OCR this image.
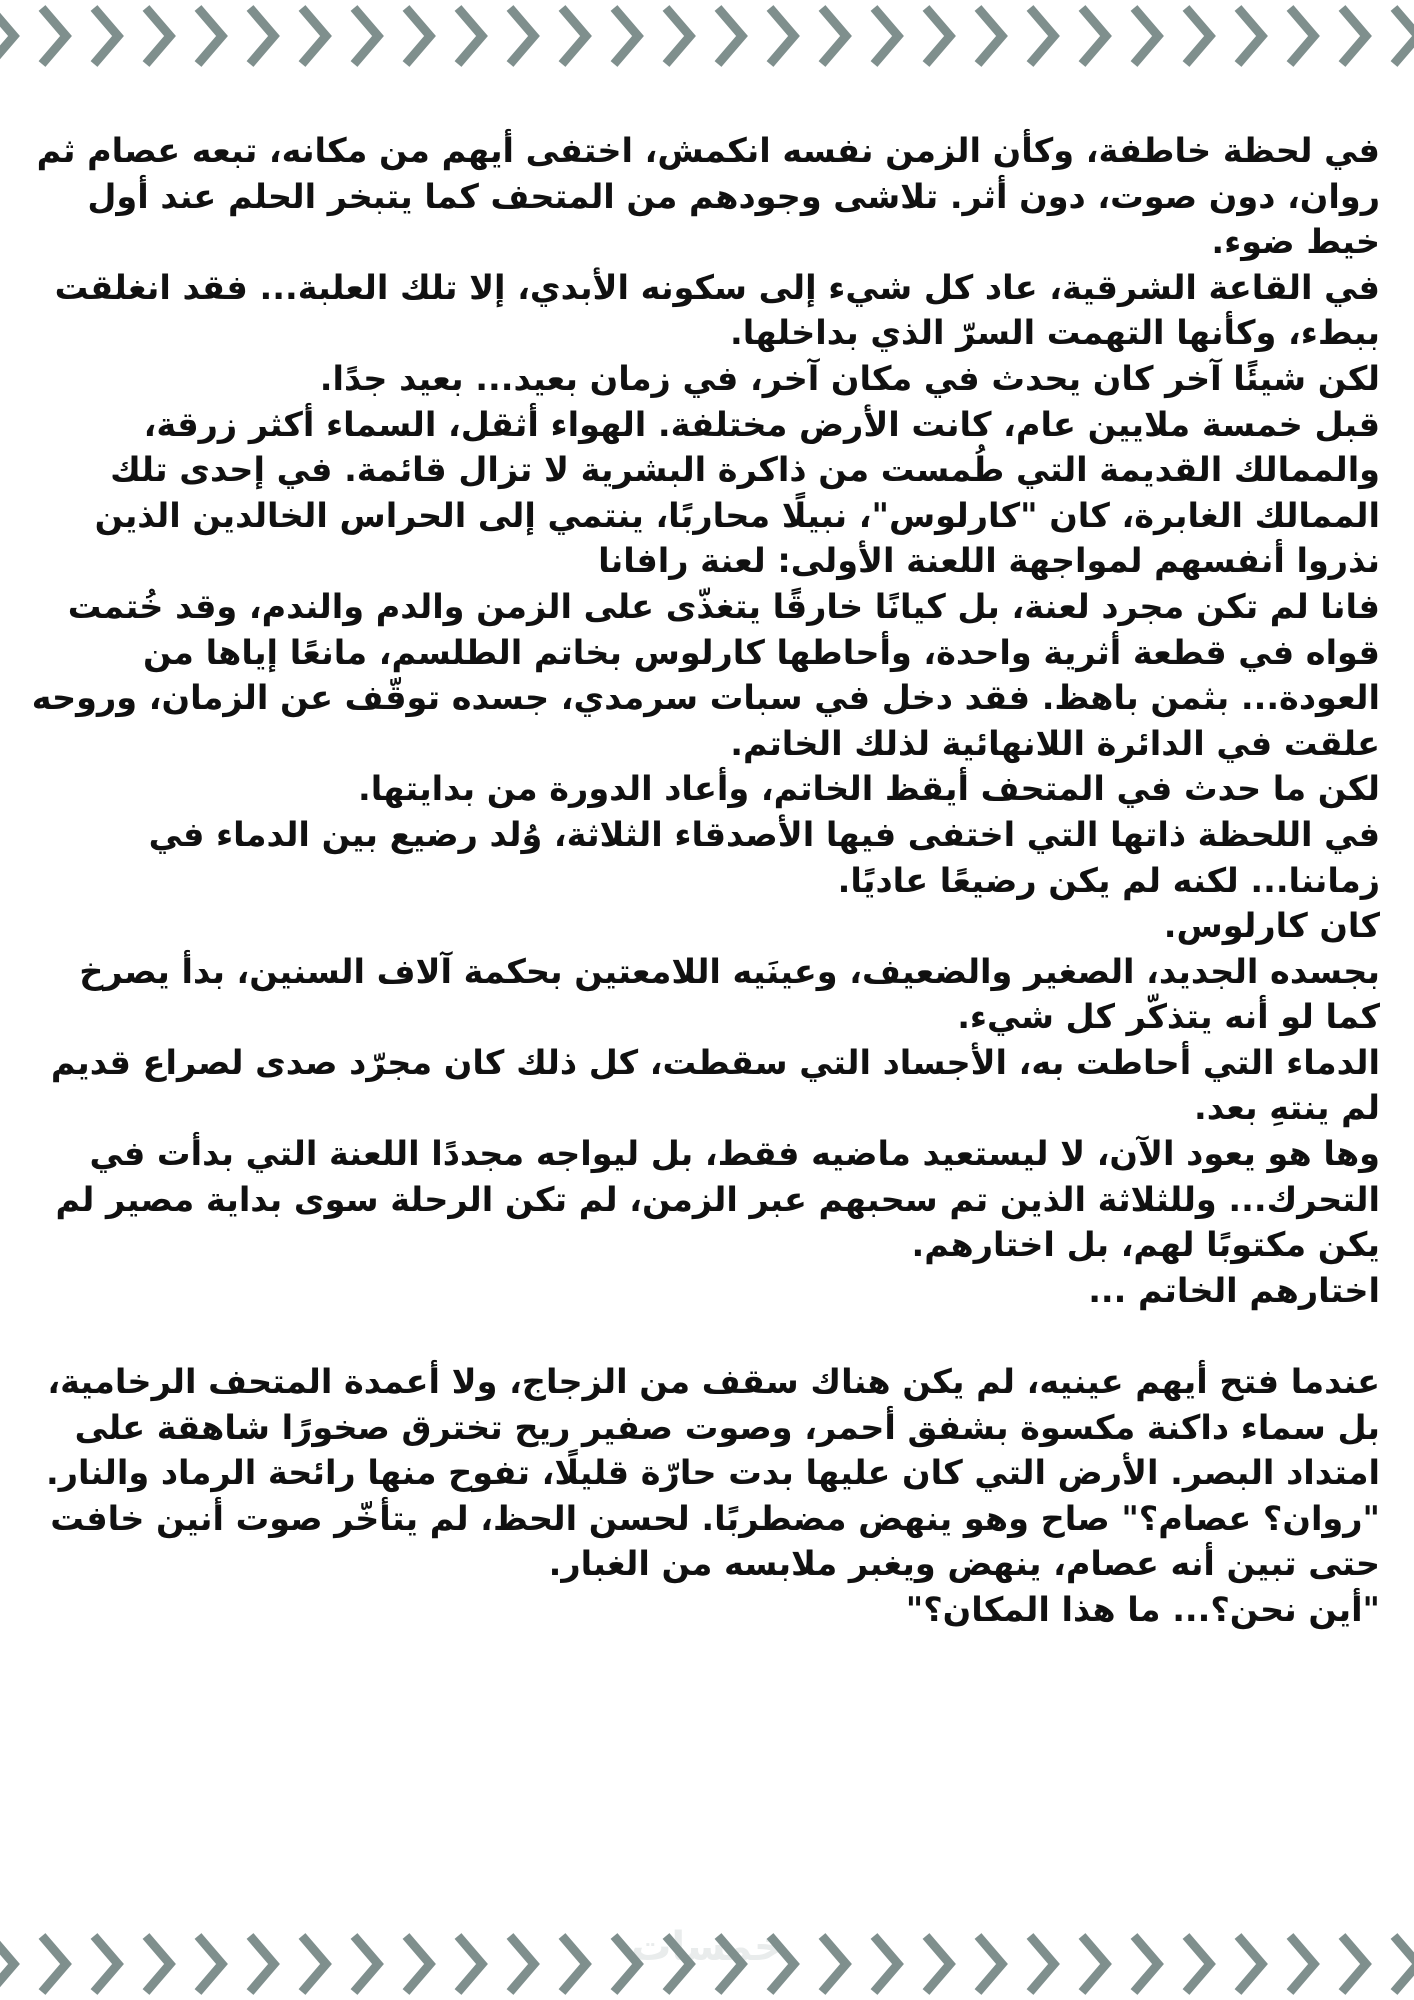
في لحظة خاطفة، وكأن الزمن نفسه انكمش، اختفى أيهم من مكانه، تبعه عصام ثم روان، دون صوت، دون أثر. تلاشى وجودهم من المتحف كما يتبخر الحلم عند أول خيط ضوء.

في القاعة الشرقية، عاد كل شيء إلى سكونه الأبدي، إلا تلك العلبة... فقد انغلقت ببطء، وكأنها التهمت السرّ الذي بداخلها.

لكن شيئًا آخر كان يحدث في مكان آخر، في زمان بعيد... بعيد جدًا.

قبل خمسة ملايين عام، كانت الأرض مختلفة. الهواء أثقل، السماء أكثر زرقة، والممالك القديمة التي طُمست من ذاكرة البشرية لا تزال قائمة. في إحدى تلك الممالك الغابرة، كان "كارلوس"، نبيلًا محاربًا، ينتمي إلى الحراس الخالدين الذين نذروا أنفسهم لمواجهة اللعنة الأولى: لعنة رافانا

فانا لم تكن مجرد لعنة، بل كيانًا خارقًا يتغذّى على الزمن والدم والندم، وقد خُتمت قواه في قطعة أثرية واحدة، وأحاطها كارلوس بخاتم الطلسم، مانعًا إياها من العودة... بثمن باهظ. فقد دخل في سبات سرمدي، جسده توقّف عن الزمان، وروحه علقت في الدائرة اللانهائية لذلك الخاتم.

لكن ما حدث في المتحف أيقظ الخاتم، وأعاد الدورة من بدايتها.

في اللحظة ذاتها التي اختفى فيها الأصدقاء الثلاثة، وُلد رضيع بين الدماء في زماننا... لكنه لم يكن رضيعًا عاديًا.

كان كارلوس.

بجسده الجديد، الصغير والضعيف، وعينَيه اللامعتين بحكمة آلاف السنين، بدأ يصرخ كما لو أنه يتذكّر كل شيء.

الدماء التي أحاطت به، الأجساد التي سقطت، كل ذلك كان مجرّد صدى لصراع قديم لم ينتهِ بعد.

وها هو يعود الآن، لا ليستعيد ماضيه فقط، بل ليواجه مجددًا اللعنة التي بدأت في التحرك... وللثلاثة الذين تم سحبهم عبر الزمن، لم تكن الرحلة سوى بداية مصير لم يكن مكتوبًا لهم، بل اختارهم.

اختارهم الخاتم ...

عندما فتح أيهم عينيه، لم يكن هناك سقف من الزجاج، ولا أعمدة المتحف الرخامية، بل سماء داكنة مكسوة بشفق أحمر، وصوت صفير ريح تخترق صخورًا شاهقة على امتداد البصر. الأرض التي كان عليها بدت حارّة قليلًا، تفوح منها رائحة الرماد والنار.

"روان؟ عصام؟" صاح وهو ينهض مضطربًا. لحسن الحظ، لم يتأخّر صوت أنين خافت حتى تبين أنه عصام، ينهض ويغبر ملابسه من الغبار.

"أين نحن؟... ما هذا المكان؟"

خمسات
